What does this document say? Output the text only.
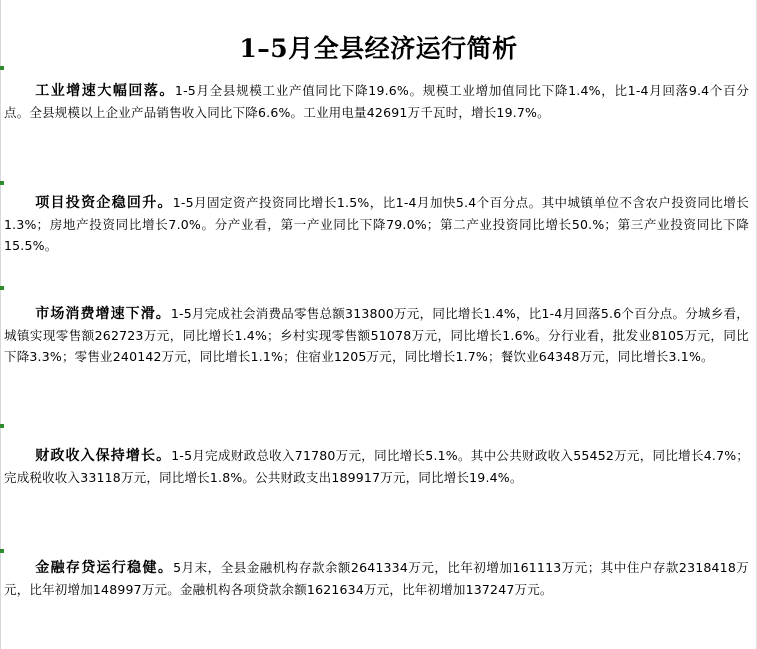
1–5月全县经济运行简析

工业增速大幅回落。1-5月全县规模工业产值同比下降19.6%。规模工业增加值同比下降1.4%，比1-4月回落9.4个百分点。全县规模以上企业产品销售收入同比下降6.6%。工业用电量42691万千瓦时，增长19.7%。

项目投资企稳回升。1-5月固定资产投资同比增长1.5%，比1-4月加快5.4个百分点。其中城镇单位不含农户投资同比增长1.3%；房地产投资同比增长7.0%。分产业看，第一产业同比下降79.0%；第二产业投资同比增长50.%；第三产业投资同比下降15.5%。

市场消费增速下滑。1-5月完成社会消费品零售总额313800万元，同比增长1.4%，比1-4月回落5.6个百分点。分城乡看，城镇实现零售额262723万元，同比增长1.4%；乡村实现零售额51078万元，同比增长1.6%。分行业看，批发业8105万元，同比下降3.3%；零售业240142万元，同比增长1.1%；住宿业1205万元，同比增长1.7%；餐饮业64348万元，同比增长3.1%。

财政收入保持增长。1-5月完成财政总收入71780万元，同比增长5.1%。其中公共财政收入55452万元，同比增长4.7%；完成税收收入33118万元，同比增长1.8%。公共财政支出189917万元，同比增长19.4%。

金融存贷运行稳健。5月末，全县金融机构存款余额2641334万元，比年初增加161113万元；其中住户存款2318418万元，比年初增加148997万元。金融机构各项贷款余额1621634万元，比年初增加137247万元。
